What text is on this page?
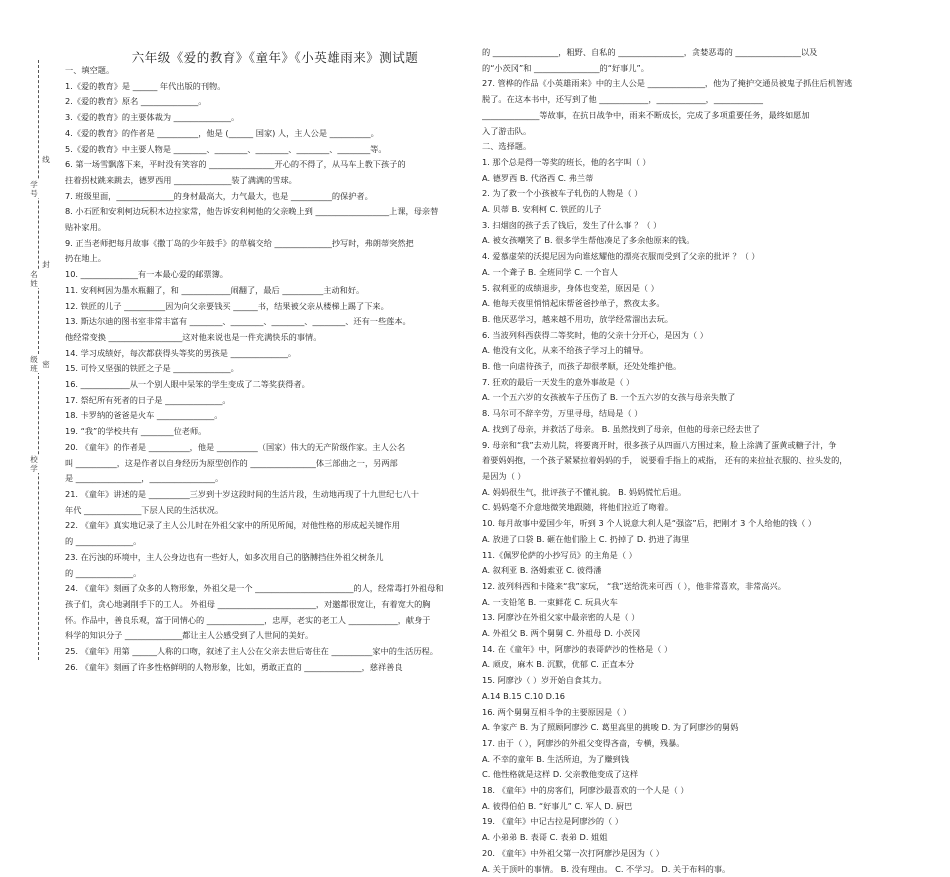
学
号
线
名
姓
封
级
班 密
校
学
六年级《爱的教育》《童年》《小英雄雨来》测试题
一、填空题。
1.《爱的教育》是 ______ 年代出版的刊物。
2.《爱的教育》原名 ______________。
3.《爱的教育》的主要体裁为 ______________。
4.《爱的教育》的作者是 __________，他是 (______ 国家) 人，主人公是 __________。
5.《爱的教育》中主要人物是 ________、________、________、________、________等。
6. 第一场雪飘落下来，平时没有笑容的 ________________开心的不得了，从马车上教下孩子的
拄着拐杖跳来跳去，德罗西用 ______________装了满满的雪球。
7. 班级里面，______________的身材最高大，力气最大，也是 __________的保护者。
8. 小石匠和安利柯边玩积木边拉家常，他告诉安利柯他的父亲晚上到 __________________上课，母亲替
贴补家用。
9. 正当老师把每月故事《撒丁岛的少年鼓手》的草稿交给 ______________抄写时，弗朗蒂突然把
扔在地上。
10. ______________有一本最心爱的邮票簿。
11. 安利柯因为墨水瓶翻了，和 ____________闹翻了，最后 __________主动和好。
12. 铁匠的儿子 __________因为向父亲要钱买 ______书，结果被父亲从楼梯上踢了下来。
13. 斯达尔迪的图书室非常丰富有 ________、________、________、________、还有一些莲本。
他经常变换 __________________这对他来说也是一件充满快乐的事情。
14. 学习成绩好，每次都获得头等奖的男孩是 ______________。
15. 可怜又坚强的铁匠之子是 ______________。
16. ____________从一个别人眼中呆笨的学生变成了二等奖获得者。
17. 祭纪所有死者的日子是 ______________。
18. 卡罗纳的爸爸是火车 ______________。
19. “我”的学校共有 ________位老师。
20. 《童年》的作者是 __________，他是 __________（国家）伟大的无产阶级作家。主人公名
叫 __________，这是作者以自身经历为原型创作的 ________________体三部曲之一，另两部
是 ________________，________________。
21. 《童年》讲述的是 __________三岁到十岁这段时间的生活片段，生动地再现了十九世纪七八十
年代 ______________下层人民的生活状况。
22. 《童年》真实地记录了主人公儿时在外祖父家中的所见所闻，对他性格的形成起关键作用
的 ______________。
23. 在污浊的环境中，主人公身边也有一些好人，如多次用自己的胳膊挡住外祖父树条儿
的 ______________。
24. 《童年》刻画了众多的人物形象，外祖父是一个 ________________________的人，经常毒打外祖母和
孩子们，贪心地剥削手下的工人。 外祖母 ________________________，对邀都很宽让，有着宽大的胸
怀。作品中，善良乐观，富于同情心的 ______________，忠厚，老实的老工人 ____________，献身于
科学的知识分子 ______________都让主人公感受到了人世间的美好。
25. 《童年》用第 ______人称的口吻，叙述了主人公在父亲去世后寄住在 __________家中的生活历程。
26. 《童年》刻画了许多性格鲜明的人物形象，比如，勇敢正直的 ______________，慈祥善良
的 ________________，粗野、自私的 ________________，贪婪恶毒的 ________________以及
的“小茨冈”和 ________________的“好事儿”。
27. 管桦的作品《小英雄雨来》中的主人公是 ______________，他为了掩护交通员被鬼子抓住后机智逃
脱了。在这本书中，还写到了他 ____________，____________，____________
______________等故事，在抗日战争中，雨来不断成长，完成了多项重要任务，最终如愿加
入了游击队。
二、选择题。
1. 那个总是得一等奖的班长，他的名字叫（ ）
A. 德罗西 B. 代洛西 C. 弗兰蒂
2. 为了救一个小孩被车子轧伤的人物是（ ）
A. 贝蒂 B. 安利柯 C. 铁匠的儿子
3. 扫烟囱的孩子丢了钱后，发生了什么事 ？（ ）
A. 被女孩嘲笑了 B. 很多学生帮他凑足了多余他原来的钱。
4. 爱慕虚荣的沃提尼因为向谁炫耀他的漂亮衣服而受到了父亲的批评 ？（ ）
A. 一个聋子 B. 全班同学 C. 一个盲人
5. 叙利亚的成绩退步，身体也变差，原因是（ ）
A. 他每天夜里悄悄起床帮爸爸抄单子，熬夜太多。
B. 他厌恶学习，越来越不用功，放学经常溜出去玩。
6. 当波列科西获得二等奖时，他的父亲十分开心，是因为（ ）
A. 他没有文化，从来不给孩子学习上的辅导。
B. 他一向虐待孩子，而孩子却很孝顺，还处处维护他。
7. 狂欢的最后一天发生的意外事故是（ ）
A. 一个五六岁的女孩被车子压伤了 B. 一个五六岁的女孩与母亲失散了
8. 马尔可不辞辛劳，万里寻母，结局是（ ）
A. 找到了母亲，并救活了母亲。 B. 虽然找到了母亲，但他的母亲已经去世了
9. 母亲和“我”去劝儿院，将要离开时，很多孩子从四面八方围过来，脸上涂满了蛋黄或糖子汁，争
着要妈妈抱，一个孩子紧紧拉着妈妈的手， 说要看手指上的戒指， 还有的来拉扯衣服的、拉头发的，
是因为（ ）
A. 妈妈很生气，批评孩子不懂礼貌。 B. 妈妈慌忙后退。
C. 妈妈毫不介意地微笑地跟随，将他们拉近了吻着。
10. 每月故事中爱国少年，听到 3 个人说意大利人是“强盗”后，把刚才 3 个人给他的钱（ ）
A. 放进了口袋 B. 砸在他们脸上 C. 扔掉了 D. 扔进了海里
11.《佩罗伦萨的小抄写员》的主角是（ ）
A. 叙利亚 B. 洛姆索亚 C. 彼得潘
12. 波列科西和卡隆来“我”家玩， “我”送给洗来可西（ ），他非常喜欢，非常高兴。
A. 一支铅笔 B. 一束鲜花 C. 玩具火车
13. 阿廖沙在外祖父家中最亲密的人是（ ）
A. 外祖父 B. 两个舅舅 C. 外祖母 D. 小茨冈
14. 在《童年》中，阿廖沙的表哥萨沙的性格是（ ）
A. 顽皮，麻木 B. 沉默，优郁 C. 正直本分
15. 阿廖沙（ ）岁开始自食其力。
A.14 B.15 C.10 D.16
16. 两个舅舅互相斗争的主要原因是（ ）
A. 争家产 B. 为了照顾阿廖沙 C. 葛里高里的挑唆 D. 为了阿廖沙的舅妈
17. 由于（ ），阿廖沙的外祖父变得吝啬，专横，残暴。
A. 不幸的童年 B. 生活所迫，为了赚到钱
C. 他性格就是这样 D. 父亲教他变成了这样
18. 《童年》中的房客们，阿廖沙最喜欢的一个人是（ ）
A. 彼得伯伯 B. “好事儿” C. 军人 D. 厨巴
19. 《童年》中记古拉是阿廖沙的（ ）
A. 小弟弟 B. 表哥 C. 表弟 D. 姐姐
20. 《童年》中外祖父第一次打阿廖沙是因为（ ）
A. 关于顶叶的事情。 B. 没有理由。 C. 不学习。 D. 关于布料的事。
